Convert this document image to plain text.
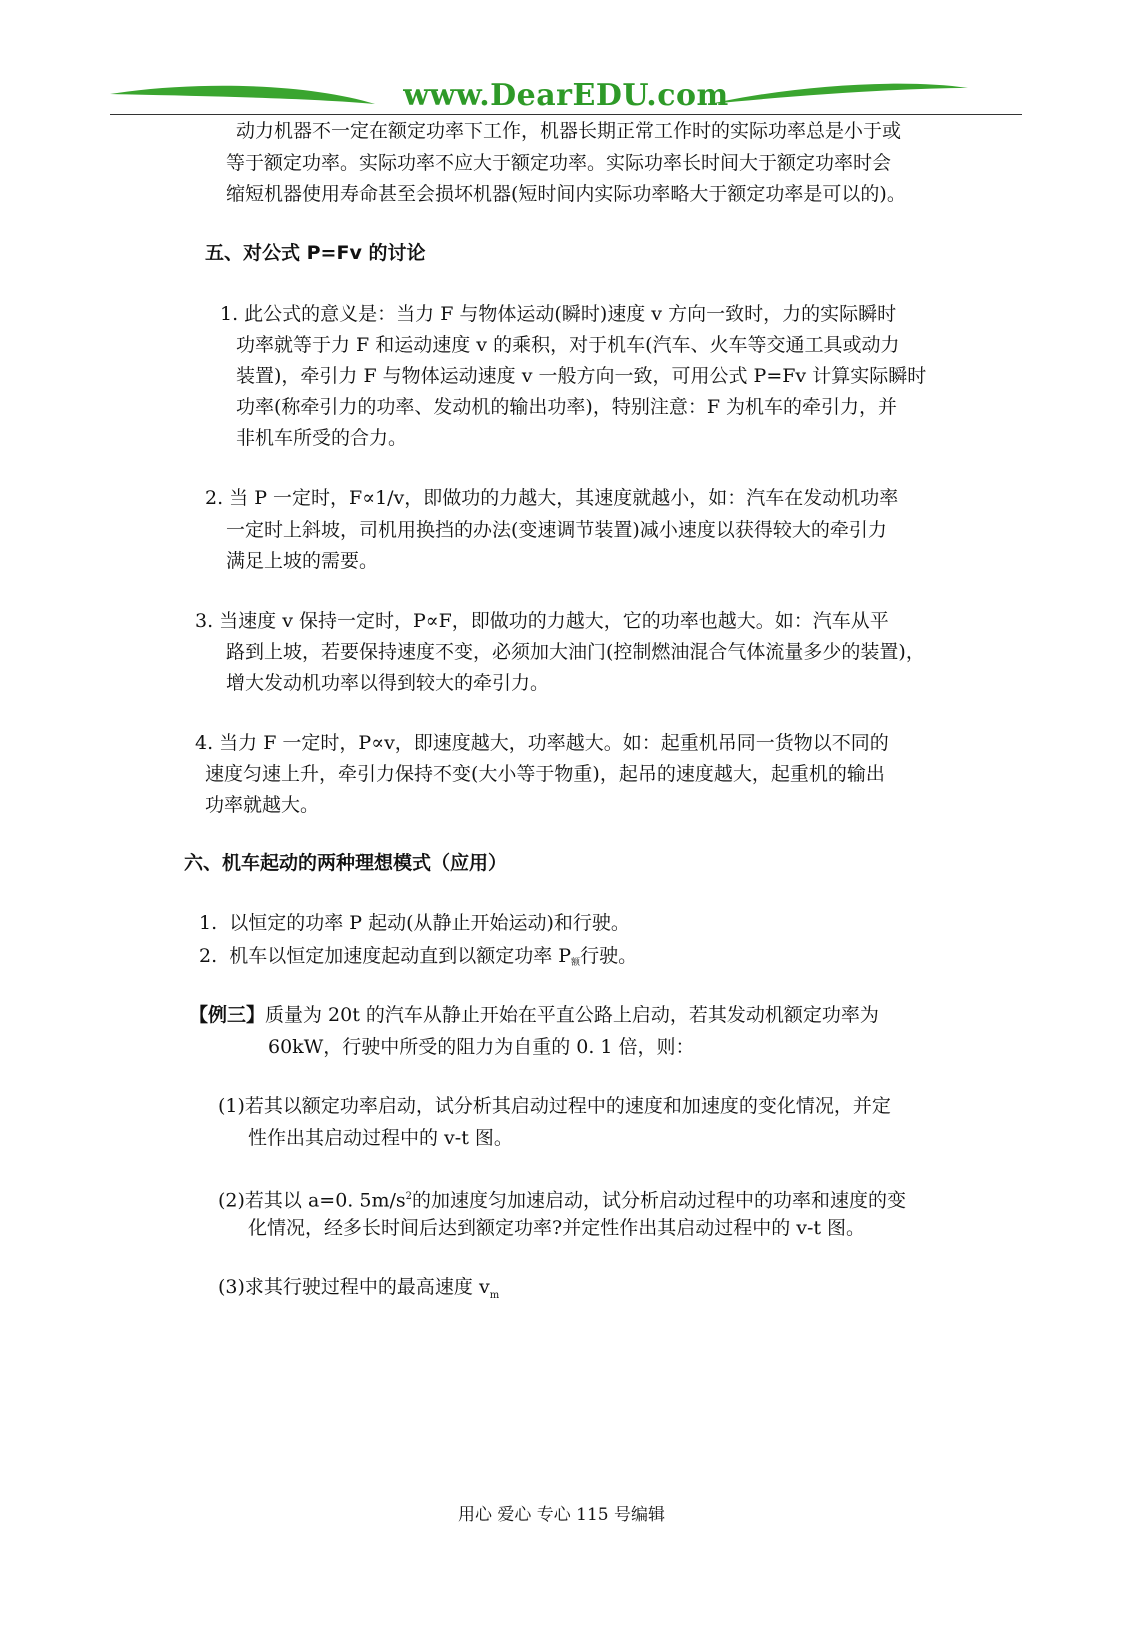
www.DearEDU.com
动力机器不一定在额定功率下工作，机器长期正常工作时的实际功率总是小于或
等于额定功率。实际功率不应大于额定功率。实际功率长时间大于额定功率时会
缩短机器使用寿命甚至会损坏机器(短时间内实际功率略大于额定功率是可以的)。
五、对公式 P=Fv 的讨论
1. 此公式的意义是：当力 F 与物体运动(瞬时)速度 v 方向一致时，力的实际瞬时
功率就等于力 F 和运动速度 v 的乘积，对于机车(汽车、火车等交通工具或动力
装置)，牵引力 F 与物体运动速度 v 一般方向一致，可用公式 P=Fv 计算实际瞬时
功率(称牵引力的功率、发动机的输出功率)，特别注意：F 为机车的牵引力，并
非机车所受的合力。
2. 当 P 一定时，F∝1/v，即做功的力越大，其速度就越小，如：汽车在发动机功率
一定时上斜坡，司机用换挡的办法(变速调节装置)减小速度以获得较大的牵引力
满足上坡的需要。
3. 当速度 v 保持一定时，P∝F，即做功的力越大，它的功率也越大。如：汽车从平
路到上坡，若要保持速度不变，必须加大油门(控制燃油混合气体流量多少的装置)，
增大发动机功率以得到较大的牵引力。
4. 当力 F 一定时，P∝v，即速度越大，功率越大。如：起重机吊同一货物以不同的
速度匀速上升，牵引力保持不变(大小等于物重)，起吊的速度越大，起重机的输出
功率就越大。
六、机车起动的两种理想模式（应用）
1.  以恒定的功率 P 起动(从静止开始运动)和行驶。
2.  机车以恒定加速度起动直到以额定功率 P额行驶。
【例三】质量为 20t 的汽车从静止开始在平直公路上启动，若其发动机额定功率为
60kW，行驶中所受的阻力为自重的 0. 1 倍，则：
(1)若其以额定功率启动，试分析其启动过程中的速度和加速度的变化情况，并定
性作出其启动过程中的 v-t 图。
(2)若其以 a=0. $5m/s^2$的加速度匀加速启动，试分析启动过程中的功率和速度的变
化情况，经多长时间后达到额定功率?并定性作出其启动过程中的 v-t 图。
(3)求其行驶过程中的最高速度 $v_m$
用心 爱心 专心 115 号编辑
